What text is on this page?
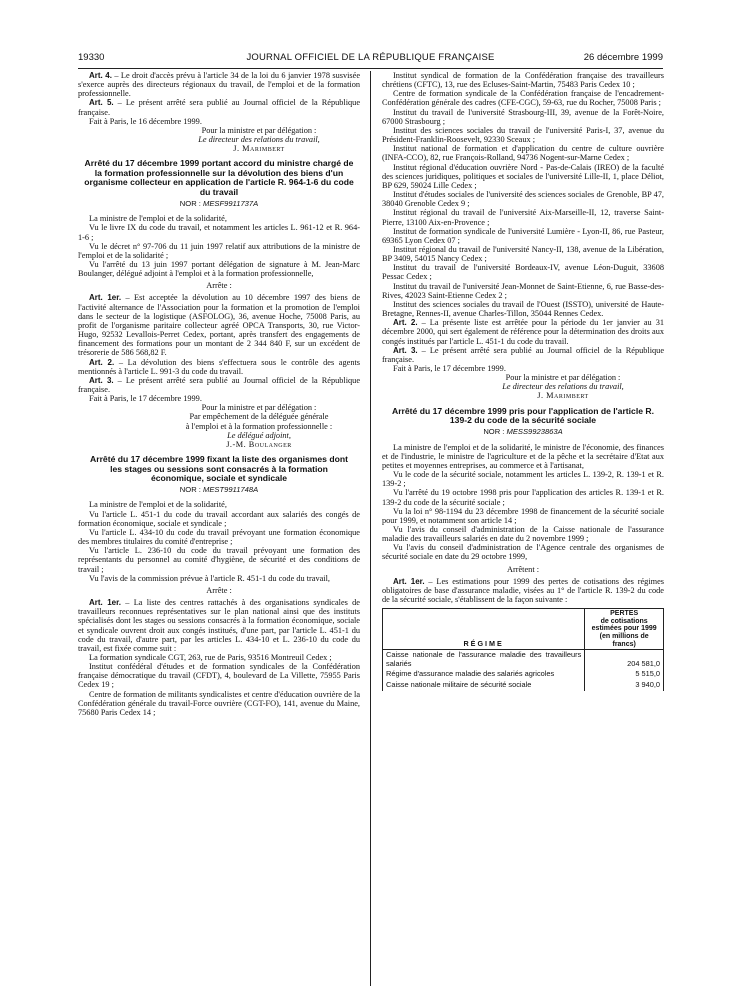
19330	JOURNAL OFFICIEL DE LA RÉPUBLIQUE FRANÇAISE	26 décembre 1999

Art. 4. – Le droit d'accès prévu à l'article 34 de la loi du 6 janvier 1978 susvisée s'exerce auprès des directeurs régionaux du travail, de l'emploi et de la formation professionnelle.

Art. 5. – Le présent arrêté sera publié au Journal officiel de la République française.

Fait à Paris, le 16 décembre 1999.

Pour la ministre et par délégation :

Le directeur des relations du travail,

J. Marimbert

Arrêté du 17 décembre 1999 portant accord du ministre chargé de la formation professionnelle sur la dévolution des biens d'un organisme collecteur en application de l'article R. 964-1-6 du code du travail

NOR : MESF9911737A

La ministre de l'emploi et de la solidarité,

Vu le livre IX du code du travail, et notamment les articles L. 961-12 et R. 964-1-6 ;

Vu le décret n° 97-706 du 11 juin 1997 relatif aux attributions de la ministre de l'emploi et de la solidarité ;

Vu l'arrêté du 13 juin 1997 portant délégation de signature à M. Jean-Marc Boulanger, délégué adjoint à l'emploi et à la formation professionnelle,

Arrête :

Art. 1er. – Est acceptée la dévolution au 10 décembre 1997 des biens de l'activité alternance de l'Association pour la formation et la promotion de l'emploi dans le secteur de la logistique (ASFOLOG), 36, avenue Hoche, 75008 Paris, au profit de l'organisme paritaire collecteur agréé OPCA Transports, 30, rue Victor-Hugo, 92532 Levallois-Perret Cedex, portant, après transfert des engagements de financement des formations pour un montant de 2 344 840 F, sur un excédent de trésorerie de 586 568,82 F.

Art. 2. – La dévolution des biens s'effectuera sous le contrôle des agents mentionnés à l'article L. 991-3 du code du travail.

Art. 3. – Le présent arrêté sera publié au Journal officiel de la République française.

Fait à Paris, le 17 décembre 1999.

Pour la ministre et par délégation :

Par empêchement de la déléguée générale

à l'emploi et à la formation professionnelle :

Le délégué adjoint,

J.-M. Boulanger

Arrêté du 17 décembre 1999 fixant la liste des organismes dont les stages ou sessions sont consacrés à la formation économique, sociale et syndicale

NOR : MEST9911748A

La ministre de l'emploi et de la solidarité,

Vu l'article L. 451-1 du code du travail accordant aux salariés des congés de formation économique, sociale et syndicale ;

Vu l'article L. 434-10 du code du travail prévoyant une formation économique des membres titulaires du comité d'entreprise ;

Vu l'article L. 236-10 du code du travail prévoyant une formation des représentants du personnel au comité d'hygiène, de sécurité et des conditions de travail ;

Vu l'avis de la commission prévue à l'article R. 451-1 du code du travail,

Arrête :

Art. 1er. – La liste des centres rattachés à des organisations syndicales de travailleurs reconnues représentatives sur le plan national ainsi que des instituts spécialisés dont les stages ou sessions consacrés à la formation économique, sociale et syndicale ouvrent droit aux congés institués, d'une part, par l'article L. 451-1 du code du travail, d'autre part, par les articles L. 434-10 et L. 236-10 du code du travail, est fixée comme suit :

La formation syndicale CGT, 263, rue de Paris, 93516 Montreuil Cedex ;

Institut confédéral d'études et de formation syndicales de la Confédération française démocratique du travail (CFDT), 4, boulevard de La Villette, 75955 Paris Cedex 19 ;

Centre de formation de militants syndicalistes et centre d'éducation ouvrière de la Confédération générale du travail-Force ouvrière (CGT-FO), 141, avenue du Maine, 75680 Paris Cedex 14 ;

Institut syndical de formation de la Confédération française des travailleurs chrétiens (CFTC), 13, rue des Ecluses-Saint-Martin, 75483 Paris Cedex 10 ;

Centre de formation syndicale de la Confédération française de l'encadrement-Confédération générale des cadres (CFE-CGC), 59-63, rue du Rocher, 75008 Paris ;

Institut du travail de l'université Strasbourg-III, 39, avenue de la Forêt-Noire, 67000 Strasbourg ;

Institut des sciences sociales du travail de l'université Paris-I, 37, avenue du Président-Franklin-Roosevelt, 92330 Sceaux ;

Institut national de formation et d'application du centre de culture ouvrière (INFA-CCO), 82, rue François-Rolland, 94736 Nogent-sur-Marne Cedex ;

Institut régional d'éducation ouvrière Nord - Pas-de-Calais (IREO) de la faculté des sciences juridiques, politiques et sociales de l'université Lille-II, 1, place Déliot, BP 629, 59024 Lille Cedex ;

Institut d'études sociales de l'université des sciences sociales de Grenoble, BP 47, 38040 Grenoble Cedex 9 ;

Institut régional du travail de l'université Aix-Marseille-II, 12, traverse Saint-Pierre, 13100 Aix-en-Provence ;

Institut de formation syndicale de l'université Lumière - Lyon-II, 86, rue Pasteur, 69365 Lyon Cedex 07 ;

Institut régional du travail de l'université Nancy-II, 138, avenue de la Libération, BP 3409, 54015 Nancy Cedex ;

Institut du travail de l'université Bordeaux-IV, avenue Léon-Duguit, 33608 Pessac Cedex ;

Institut du travail de l'université Jean-Monnet de Saint-Etienne, 6, rue Basse-des-Rives, 42023 Saint-Etienne Cedex 2 ;

Institut des sciences sociales du travail de l'Ouest (ISSTO), université de Haute-Bretagne, Rennes-II, avenue Charles-Tillon, 35044 Rennes Cedex.

Art. 2. – La présente liste est arrêtée pour la période du 1er janvier au 31 décembre 2000, qui sert également de référence pour la détermination des droits aux congés institués par l'article L. 451-1 du code du travail.

Art. 3. – Le présent arrêté sera publié au Journal officiel de la République française.

Fait à Paris, le 17 décembre 1999.

Pour la ministre et par délégation :

Le directeur des relations du travail,

J. Marimbert

Arrêté du 17 décembre 1999 pris pour l'application de l'article R. 139-2 du code de la sécurité sociale

NOR : MESS9923863A

La ministre de l'emploi et de la solidarité, le ministre de l'économie, des finances et de l'industrie, le ministre de l'agriculture et de la pêche et la secrétaire d'Etat aux petites et moyennes entreprises, au commerce et à l'artisanat,

Vu le code de la sécurité sociale, notamment les articles L. 139-2, R. 139-1 et R. 139-2 ;

Vu l'arrêté du 19 octobre 1998 pris pour l'application des articles R. 139-1 et R. 139-2 du code de la sécurité sociale ;

Vu la loi n° 98-1194 du 23 décembre 1998 de financement de la sécurité sociale pour 1999, et notamment son article 14 ;

Vu l'avis du conseil d'administration de la Caisse nationale de l'assurance maladie des travailleurs salariés en date du 2 novembre 1999 ;

Vu l'avis du conseil d'administration de l'Agence centrale des organismes de sécurité sociale en date du 29 octobre 1999,

Arrêtent :

Art. 1er. – Les estimations pour 1999 des pertes de cotisations des régimes obligatoires de base d'assurance maladie, visées au 1° de l'article R. 139-2 du code de la sécurité sociale, s'établissent de la façon suivante :

RÉGIME	PERTES
de cotisations
estimées pour 1999
(en millions de francs)
Caisse nationale de l'assurance maladie des travailleurs salariés	204 581,0
Régime d'assurance maladie des salariés agricoles	5 515,0
Caisse nationale militaire de sécurité sociale	3 940,0
